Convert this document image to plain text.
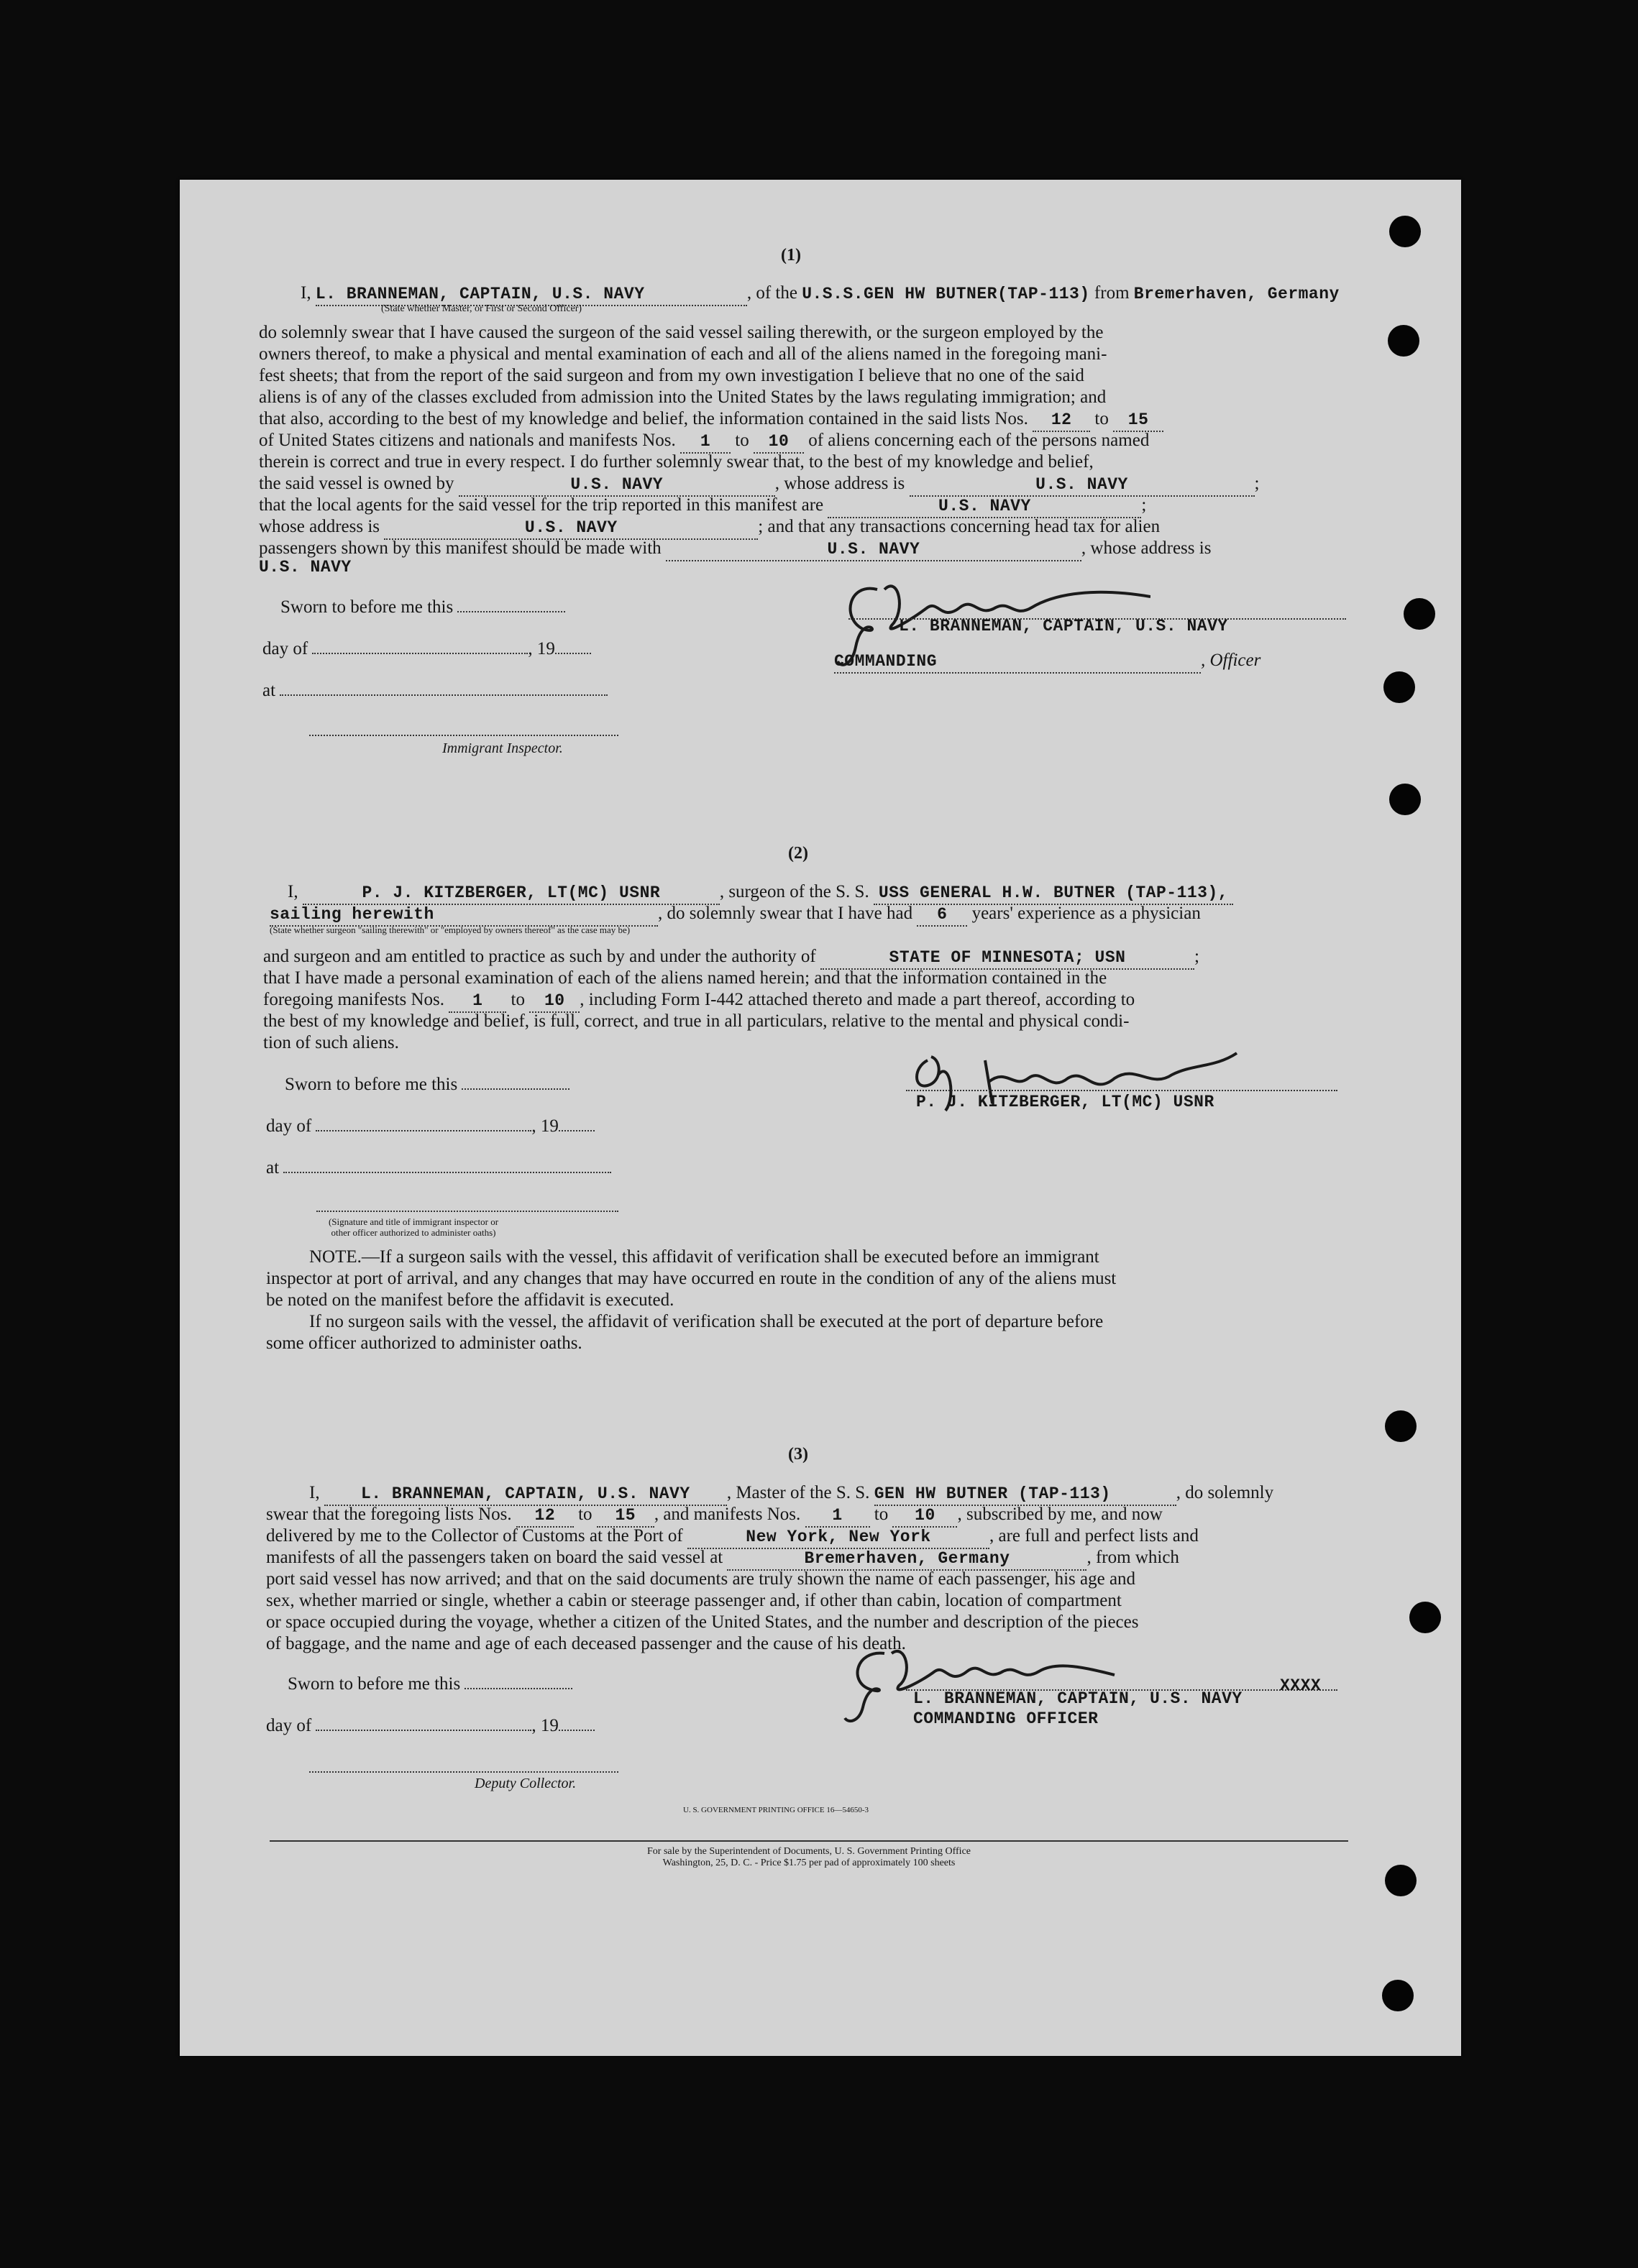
(1)
I, L. BRANNEMAN, CAPTAIN, U.S. NAVY	, of the U.S.S.GEN HW BUTNER(TAP-113) from Bremerhaven, Germany
(State whether Master, or First or Second Officer)
do solemnly swear that I have caused the surgeon of the said vessel sailing therewith, or the surgeon employed by the
owners thereof, to make a physical and mental examination of each and all of the aliens named in the foregoing mani-
fest sheets; that from the report of the said surgeon and from my own investigation I believe that no one of the said
aliens is of any of the classes excluded from admission into the United States by the laws regulating immigration; and
that also, according to the best of my knowledge and belief, the information contained in the said lists Nos. 12 to 15
of United States citizens and nationals and manifests Nos. 1 to 10 of aliens concerning each of the persons named
therein is correct and true in every respect. I do further solemnly swear that, to the best of my knowledge and belief,
the said vessel is owned by	U.S. NAVY	, whose address is	U.S. NAVY	;
that the local agents for the said vessel for the trip reported in this manifest are	U.S. NAVY	;
whose address is	U.S. NAVY	; and that any transactions concerning head tax for alien
passengers shown by this manifest should be made with	U.S. NAVY	, whose address is
U.S. NAVY
Sworn to before me this
day of	, 19
at
Immigrant Inspector.
L. BRANNEMAN, CAPTAIN, U.S. NAVY
COMMANDING	, Officer
(2)
I,	P. J. KITZBERGER, LT(MC) USNR	, surgeon of the S. S. USS GENERAL H.W. BUTNER (TAP-113),
sailing herewith	, do solemnly swear that I have had 6 years' experience as a physician
(State whether surgeon "sailing therewith" or "employed by owners thereof" as the case may be)
and surgeon and am entitled to practice as such by and under the authority of	STATE OF MINNESOTA; USN	;
that I have made a personal examination of each of the aliens named herein; and that the information contained in the
foregoing manifests Nos. 1 to 10 , including Form I-442 attached thereto and made a part thereof, according to
the best of my knowledge and belief, is full, correct, and true in all particulars, relative to the mental and physical condi-
tion of such aliens.
Sworn to before me this
day of	, 19
at
(Signature and title of immigrant inspector or other officer authorized to administer oaths)
P. J. KITZBERGER, LT(MC) USNR
NOTE.—If a surgeon sails with the vessel, this affidavit of verification shall be executed before an immigrant
inspector at port of arrival, and any changes that may have occurred en route in the condition of any of the aliens must
be noted on the manifest before the affidavit is executed.
If no surgeon sails with the vessel, the affidavit of verification shall be executed at the port of departure before
some officer authorized to administer oaths.
(3)
I, L. BRANNEMAN, CAPTAIN, U.S. NAVY , Master of the S. S. GEN HW BUTNER (TAP-113)	, do solemnly
swear that the foregoing lists Nos. 12 to 15 , and manifests Nos. 1 to 10 , subscribed by me, and now
delivered by me to the Collector of Customs at the Port of	New York, New York	, are full and perfect lists and
manifests of all the passengers taken on board the said vessel at	Bremerhaven, Germany	, from which
port said vessel has now arrived; and that on the said documents are truly shown the name of each passenger, his age and
sex, whether married or single, whether a cabin or steerage passenger and, if other than cabin, location of compartment
or space occupied during the voyage, whether a citizen of the United States, and the number and description of the pieces
of baggage, and the name and age of each deceased passenger and the cause of his death.
Sworn to before me this
day of	, 19
Deputy Collector.
L. BRANNEMAN, CAPTAIN, U.S. NAVY
XXXX
COMMANDING OFFICER
U. S. GOVERNMENT PRINTING OFFICE 16—54650-3
For sale by the Superintendent of Documents, U. S. Government Printing Office
Washington, 25, D. C. - Price $1.75 per pad of approximately 100 sheets
